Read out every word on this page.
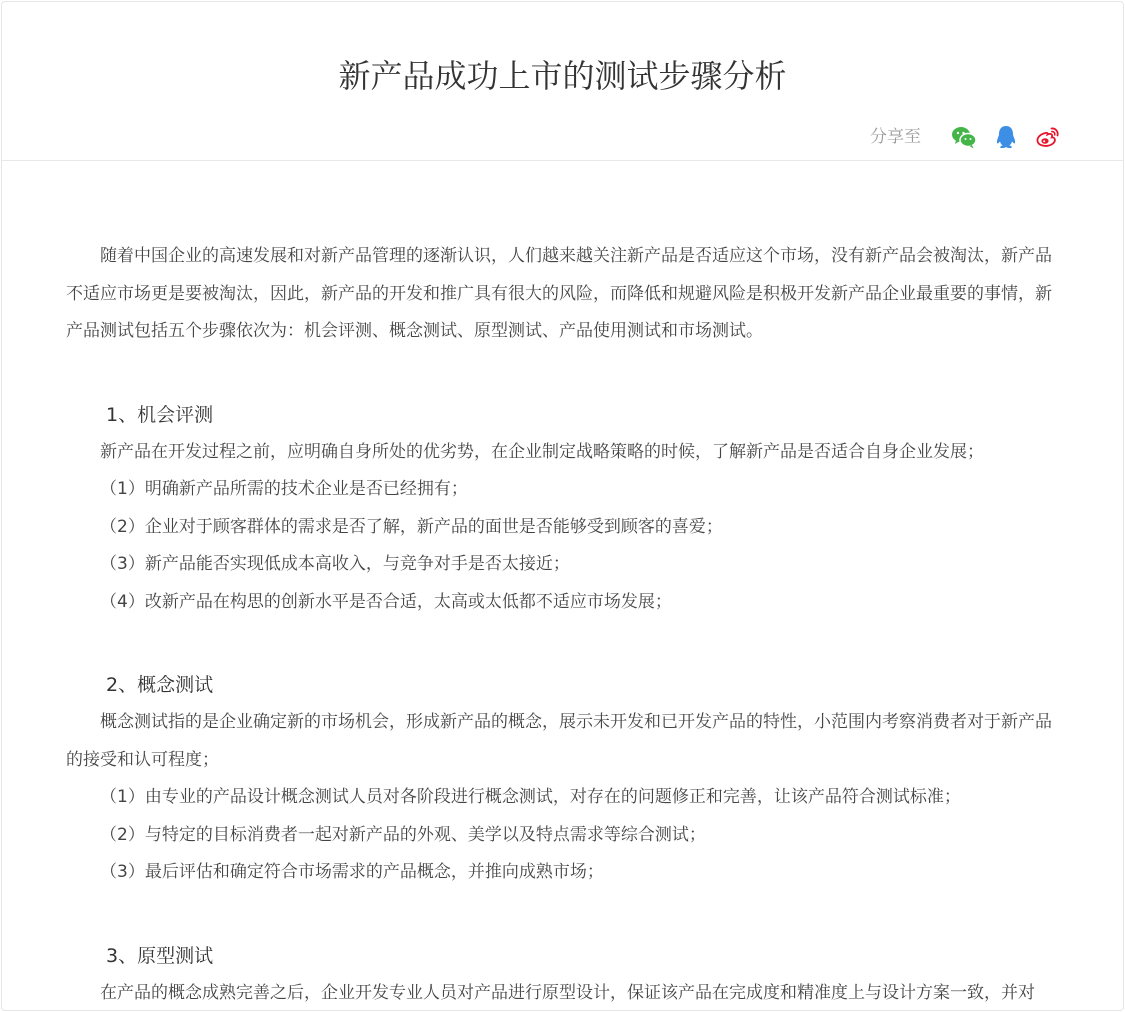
新产品成功上市的测试步骤分析
分享至

随着中国企业的高速发展和对新产品管理的逐渐认识，人们越来越关注新产品是否适应这个市场，没有新产品会被淘汰，新产品不适应市场更是要被淘汰，因此，新产品的开发和推广具有很大的风险，而降低和规避风险是积极开发新产品企业最重要的事情，新产品测试包括五个步骤依次为：机会评测、概念测试、原型测试、产品使用测试和市场测试。

1、机会评测

新产品在开发过程之前，应明确自身所处的优劣势，在企业制定战略策略的时候，了解新产品是否适合自身企业发展；

（1）明确新产品所需的技术企业是否已经拥有；
（2）企业对于顾客群体的需求是否了解，新产品的面世是否能够受到顾客的喜爱；
（3）新产品能否实现低成本高收入，与竞争对手是否太接近；
（4）改新产品在构思的创新水平是否合适，太高或太低都不适应市场发展；
2、概念测试

概念测试指的是企业确定新的市场机会，形成新产品的概念，展示未开发和已开发产品的特性，小范围内考察消费者对于新产品的接受和认可程度；

（1）由专业的产品设计概念测试人员对各阶段进行概念测试，对存在的问题修正和完善，让该产品符合测试标准；
（2）与特定的目标消费者一起对新产品的外观、美学以及特点需求等综合测试；
（3）最后评估和确定符合市场需求的产品概念，并推向成熟市场；
3、原型测试

在产品的概念成熟完善之后，企业开发专业人员对产品进行原型设计，保证该产品在完成度和精准度上与设计方案一致，并对
